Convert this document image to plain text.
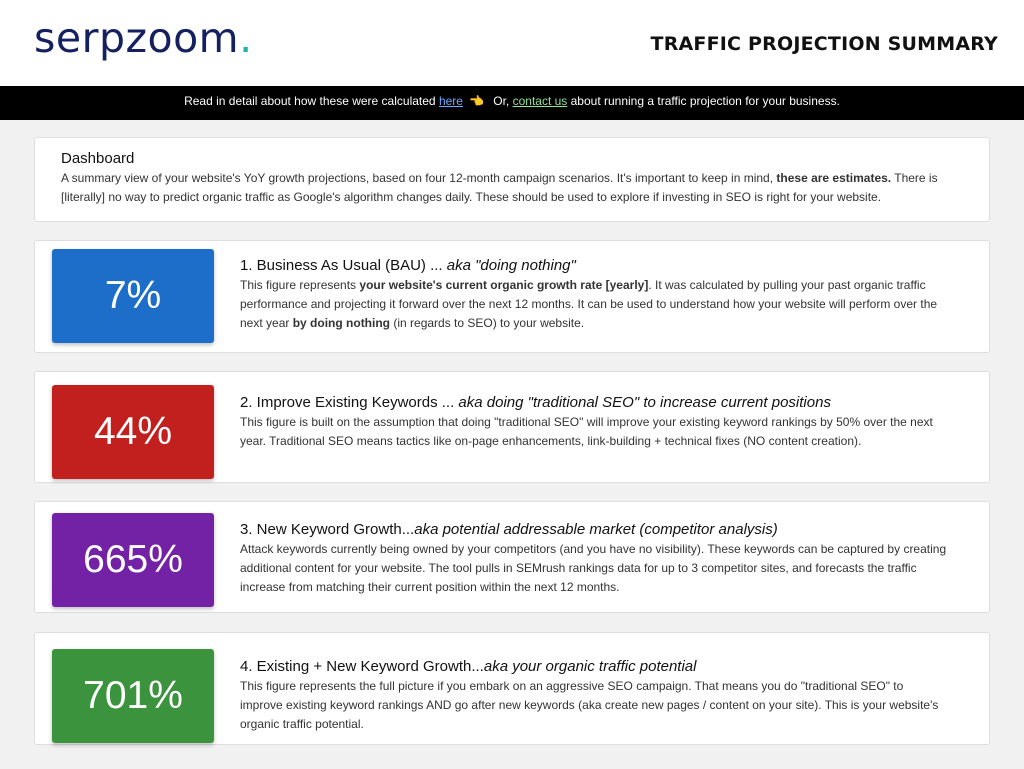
serpzoom.	TRAFFIC PROJECTION SUMMARY
Read in detail about how these were calculated here 👈 Or, contact us about running a traffic projection for your business.
Dashboard

A summary view of your website's YoY growth projections, based on four 12-month campaign scenarios. It's important to keep in mind, these are estimates. There is [literally] no way to predict organic traffic as Google's algorithm changes daily. These should be used to explore if investing in SEO is right for your website.

7%
1. Business As Usual (BAU) ... aka "doing nothing"

This figure represents your website's current organic growth rate [yearly]. It was calculated by pulling your past organic traffic performance and projecting it forward over the next 12 months. It can be used to understand how your website will perform over the next year by doing nothing (in regards to SEO) to your website.

44%
2. Improve Existing Keywords ... aka doing "traditional SEO" to increase current positions

This figure is built on the assumption that doing "traditional SEO" will improve your existing keyword rankings by 50% over the next year. Traditional SEO means tactics like on-page enhancements, link-building + technical fixes (NO content creation).

665%
3. New Keyword Growth...aka potential addressable market (competitor analysis)

Attack keywords currently being owned by your competitors (and you have no visibility). These keywords can be captured by creating additional content for your website. The tool pulls in SEMrush rankings data for up to 3 competitor sites, and forecasts the traffic increase from matching their current position within the next 12 months.

701%
4. Existing + New Keyword Growth...aka your organic traffic potential

This figure represents the full picture if you embark on an aggressive SEO campaign. That means you do "traditional SEO" to improve existing keyword rankings AND go after new keywords (aka create new pages / content on your site). This is your website's organic traffic potential.
